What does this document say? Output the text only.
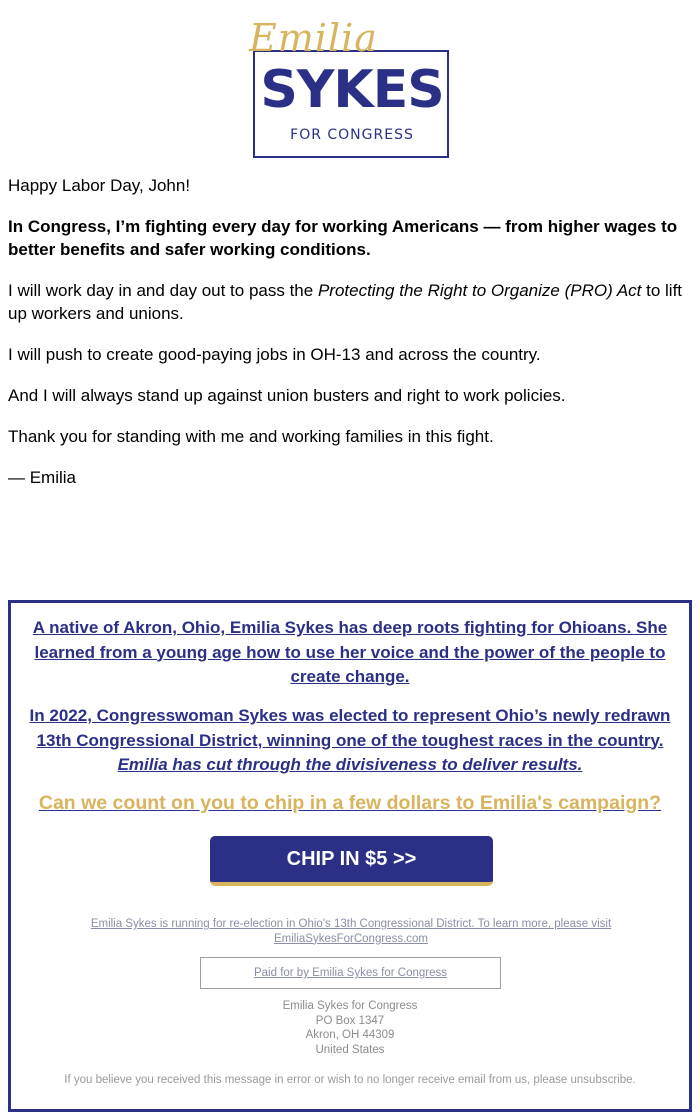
Emilia
SYKES
FOR CONGRESS

Happy Labor Day, John!

In Congress, I’m fighting every day for working Americans — from higher wages to better benefits and safer working conditions.

I will work day in and day out to pass the Protecting the Right to Organize (PRO) Act to lift up workers and unions.

I will push to create good-paying jobs in OH-13 and across the country.

And I will always stand up against union busters and right to work policies.

Thank you for standing with me and working families in this fight.

— Emilia

A native of Akron, Ohio, Emilia Sykes has deep roots fighting for Ohioans. She learned from a young age how to use her voice and the power of the people to create change.
In 2022, Congresswoman Sykes was elected to represent Ohio’s newly redrawn 13th Congressional District, winning one of the toughest races in the country. Emilia has cut through the divisiveness to deliver results.
Can we count on you to chip in a few dollars to Emilia's campaign?
CHIP IN $5 >>
Emilia Sykes is running for re-election in Ohio's 13th Congressional District. To learn more, please visit EmiliaSykesForCongress.com
Paid for by Emilia Sykes for Congress
Emilia Sykes for Congress
PO Box 1347
Akron, OH 44309
United States
If you believe you received this message in error or wish to no longer receive email from us, please unsubscribe.
